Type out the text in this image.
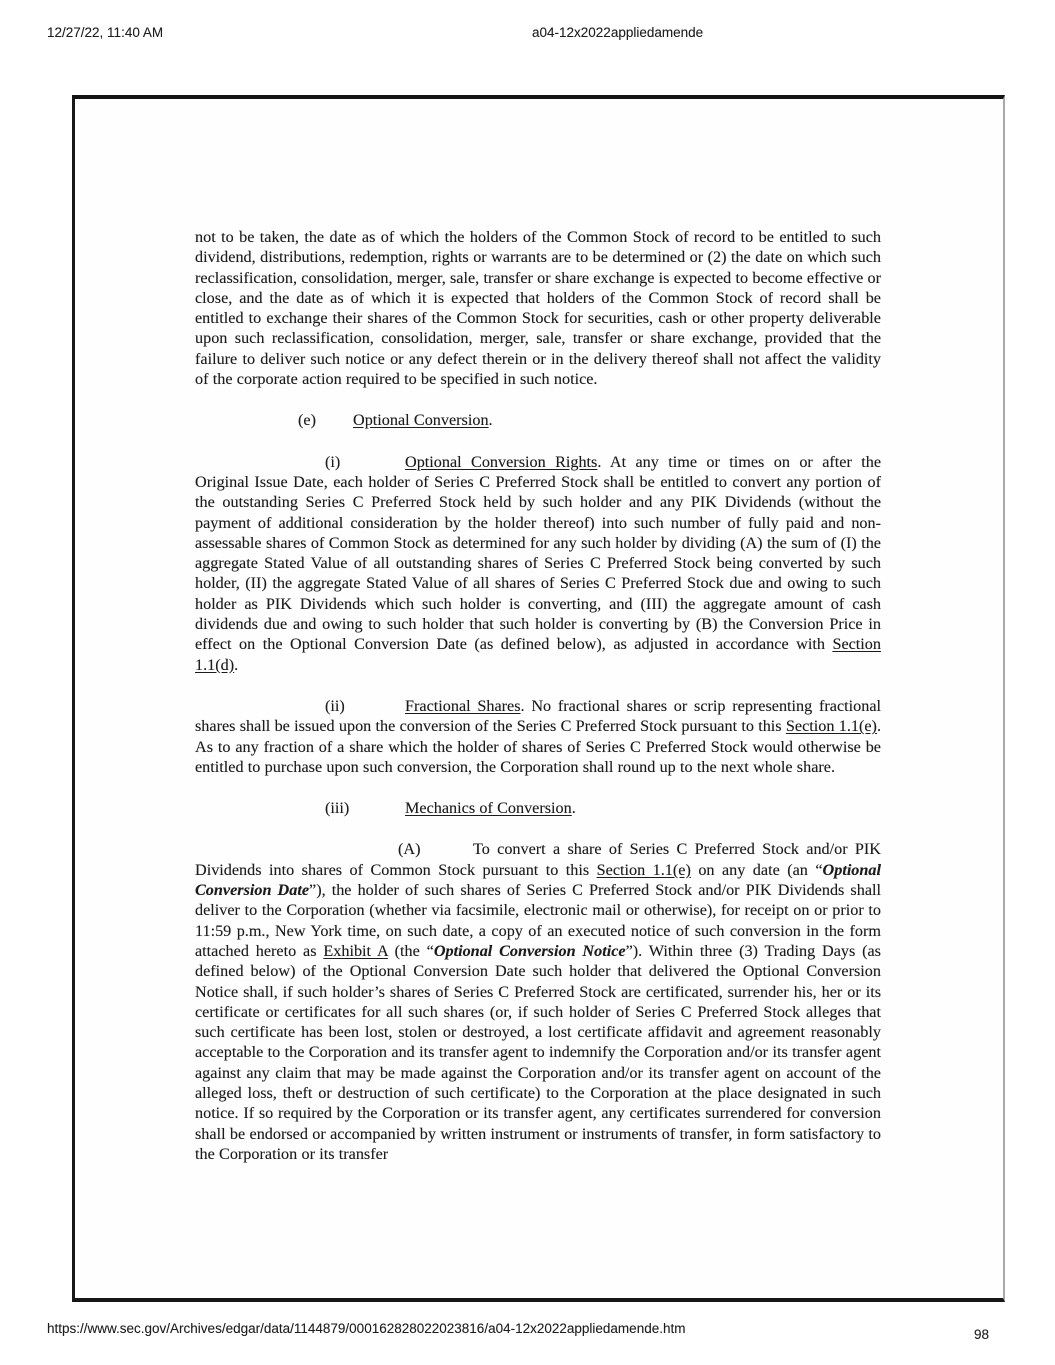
12/27/22, 11:40 AM	a04-12x2022appliedamende

not to be taken, the date as of which the holders of the Common Stock of record to be entitled to such dividend, distributions, redemption, rights or warrants are to be determined or (2) the date on which such reclassification, consolidation, merger, sale, transfer or share exchange is expected to become effective or close, and the date as of which it is expected that holders of the Common Stock of record shall be entitled to exchange their shares of the Common Stock for securities, cash or other property deliverable upon such reclassification, consolidation, merger, sale, transfer or share exchange, provided that the failure to deliver such notice or any defect therein or in the delivery thereof shall not affect the validity of the corporate action required to be specified in such notice.

(e) Optional Conversion.

(i)	Optional Conversion Rights. At any time or times on or after the Original Issue Date, each holder of Series C Preferred Stock shall be entitled to convert any portion of the outstanding Series C Preferred Stock held by such holder and any PIK Dividends (without the payment of additional consideration by the holder thereof) into such number of fully paid and non-assessable shares of Common Stock as determined for any such holder by dividing (A) the sum of (I) the aggregate Stated Value of all outstanding shares of Series C Preferred Stock being converted by such holder, (II) the aggregate Stated Value of all shares of Series C Preferred Stock due and owing to such holder as PIK Dividends which such holder is converting, and (III) the aggregate amount of cash dividends due and owing to such holder that such holder is converting by (B) the Conversion Price in effect on the Optional Conversion Date (as defined below), as adjusted in accordance with Section 1.1(d).

(ii)	Fractional Shares. No fractional shares or scrip representing fractional shares shall be issued upon the conversion of the Series C Preferred Stock pursuant to this Section 1.1(e). As to any fraction of a share which the holder of shares of Series C Preferred Stock would otherwise be entitled to purchase upon such conversion, the Corporation shall round up to the next whole share.

(iii)	Mechanics of Conversion.

(A)	To convert a share of Series C Preferred Stock and/or PIK Dividends into shares of Common Stock pursuant to this Section 1.1(e) on any date (an “Optional Conversion Date”), the holder of such shares of Series C Preferred Stock and/or PIK Dividends shall deliver to the Corporation (whether via facsimile, electronic mail or otherwise), for receipt on or prior to 11:59 p.m., New York time, on such date, a copy of an executed notice of such conversion in the form attached hereto as Exhibit A (the “Optional Conversion Notice”). Within three (3) Trading Days (as defined below) of the Optional Conversion Date such holder that delivered the Optional Conversion Notice shall, if such holder’s shares of Series C Preferred Stock are certificated, surrender his, her or its certificate or certificates for all such shares (or, if such holder of Series C Preferred Stock alleges that such certificate has been lost, stolen or destroyed, a lost certificate affidavit and agreement reasonably acceptable to the Corporation and its transfer agent to indemnify the Corporation and/or its transfer agent against any claim that may be made against the Corporation and/or its transfer agent on account of the alleged loss, theft or destruction of such certificate) to the Corporation at the place designated in such notice. If so required by the Corporation or its transfer agent, any certificates surrendered for conversion shall be endorsed or accompanied by written instrument or instruments of transfer, in form satisfactory to the Corporation or its transfer

https://www.sec.gov/Archives/edgar/data/1144879/000162828022023816/a04-12x2022appliedamende.htm	98
